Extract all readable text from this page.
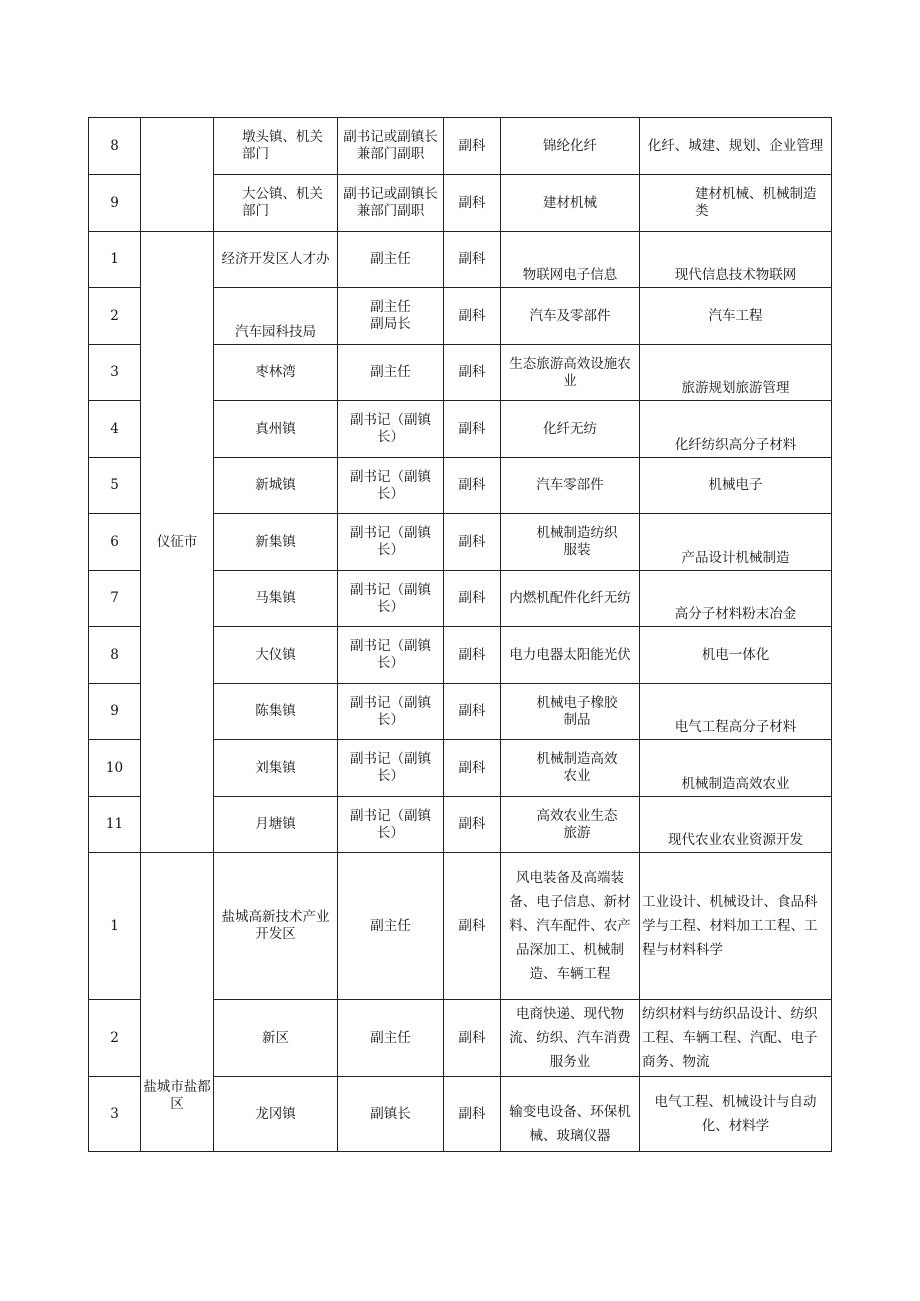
8		墩头镇、机关部门	副书记或副镇长兼部门副职	副科	锦纶化纤	化纤、城建、规划、企业管理
9		大公镇、机关部门	副书记或副镇长兼部门副职	副科	建材机械	建材机械、机械制造类
1	仪征市	经济开发区人才办	副主任	副科	物联网电子信息	现代信息技术物联网
2		汽车园科技局	副主任 副局长	副科	汽车及零部件	汽车工程
3		枣林湾	副主任	副科	生态旅游高效设施农业	旅游规划旅游管理
4		真州镇	副书记（副镇长）	副科	化纤无纺	化纤纺织高分子材料
5		新城镇	副书记（副镇长）	副科	汽车零部件	机械电子
6		新集镇	副书记（副镇长）	副科	机械制造纺织服装	产品设计机械制造
7		马集镇	副书记（副镇长）	副科	内燃机配件化纤无纺	高分子材料粉末冶金
8		大仪镇	副书记（副镇长）	副科	电力电器太阳能光伏	机电一体化
9		陈集镇	副书记（副镇长）	副科	机械电子橡胶制品	电气工程高分子材料
10		刘集镇	副书记（副镇长）	副科	机械制造高效农业	机械制造高效农业
11		月塘镇	副书记（副镇长）	副科	高效农业生态旅游	现代农业农业资源开发
1	盐城市盐都区	盐城高新技术产业开发区	副主任	副科	风电装备及高端装备、电子信息、新材料、汽车配件、农产品深加工、机械制造、车辆工程	工业设计、机械设计、食品科学与工程、材料加工工程、工程与材料科学
2		新区	副主任	副科	电商快递、现代物流、纺织、汽车消费服务业	纺织材料与纺织品设计、纺织工程、车辆工程、汽配、电子商务、物流
3		龙冈镇	副镇长	副科	输变电设备、环保机械、玻璃仪器	电气工程、机械设计与自动化、材料学
